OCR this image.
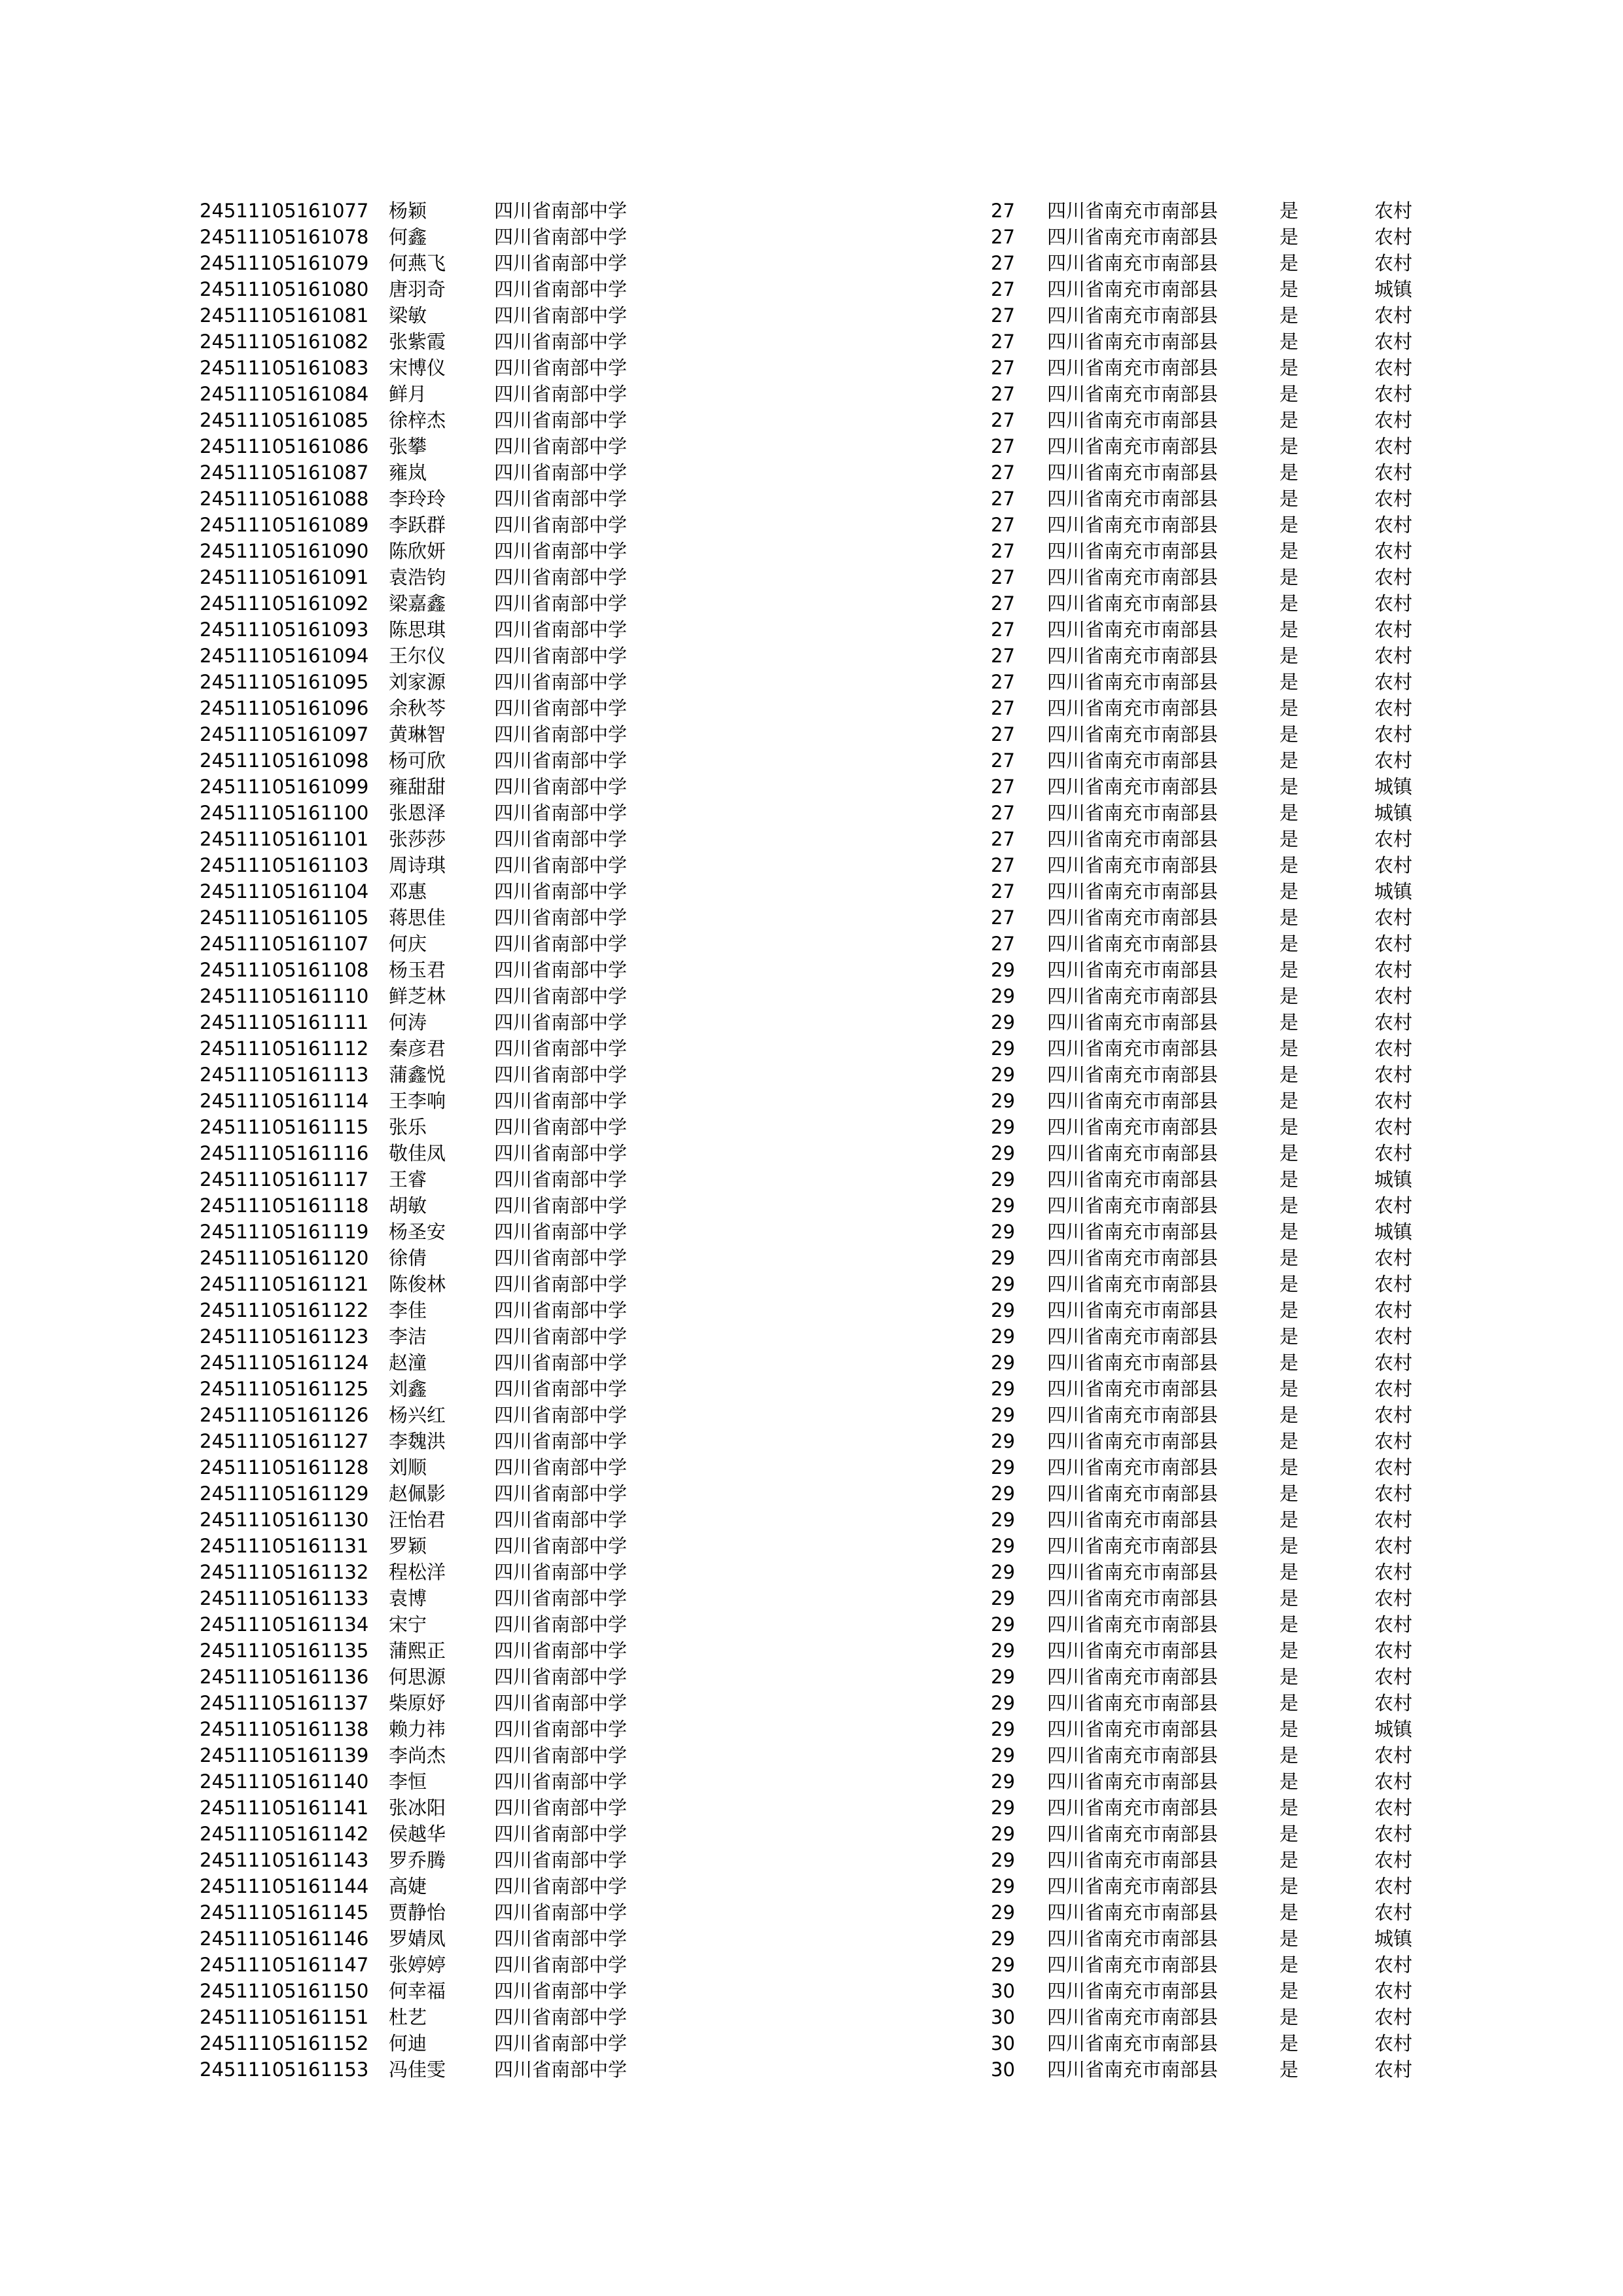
24511105161077 杨颖	四川省南部中学	27 四川省南充市南部县	是	农村
24511105161078 何鑫	四川省南部中学	27 四川省南充市南部县	是	农村
24511105161079 何燕飞	四川省南部中学	27 四川省南充市南部县	是	农村
24511105161080 唐羽奇	四川省南部中学	27 四川省南充市南部县	是	城镇
24511105161081 梁敏	四川省南部中学	27 四川省南充市南部县	是	农村
24511105161082 张紫霞	四川省南部中学	27 四川省南充市南部县	是	农村
24511105161083 宋博仪	四川省南部中学	27 四川省南充市南部县	是	农村
24511105161084 鲜月	四川省南部中学	27 四川省南充市南部县	是	农村
24511105161085 徐梓杰	四川省南部中学	27 四川省南充市南部县	是	农村
24511105161086 张攀	四川省南部中学	27 四川省南充市南部县	是	农村
24511105161087 雍岚	四川省南部中学	27 四川省南充市南部县	是	农村
24511105161088 李玲玲	四川省南部中学	27 四川省南充市南部县	是	农村
24511105161089 李跃群	四川省南部中学	27 四川省南充市南部县	是	农村
24511105161090 陈欣妍	四川省南部中学	27 四川省南充市南部县	是	农村
24511105161091 袁浩钧	四川省南部中学	27 四川省南充市南部县	是	农村
24511105161092 梁嘉鑫	四川省南部中学	27 四川省南充市南部县	是	农村
24511105161093 陈思琪	四川省南部中学	27 四川省南充市南部县	是	农村
24511105161094 王尔仪	四川省南部中学	27 四川省南充市南部县	是	农村
24511105161095 刘家源	四川省南部中学	27 四川省南充市南部县	是	农村
24511105161096 余秋芩	四川省南部中学	27 四川省南充市南部县	是	农村
24511105161097 黄琳智	四川省南部中学	27 四川省南充市南部县	是	农村
24511105161098 杨可欣	四川省南部中学	27 四川省南充市南部县	是	农村
24511105161099 雍甜甜	四川省南部中学	27 四川省南充市南部县	是	城镇
24511105161100 张恩泽	四川省南部中学	27 四川省南充市南部县	是	城镇
24511105161101 张莎莎	四川省南部中学	27 四川省南充市南部县	是	农村
24511105161103 周诗琪	四川省南部中学	27 四川省南充市南部县	是	农村
24511105161104 邓惠	四川省南部中学	27 四川省南充市南部县	是	城镇
24511105161105 蒋思佳	四川省南部中学	27 四川省南充市南部县	是	农村
24511105161107 何庆	四川省南部中学	27 四川省南充市南部县	是	农村
24511105161108 杨玉君	四川省南部中学	29 四川省南充市南部县	是	农村
24511105161110 鲜芝林	四川省南部中学	29 四川省南充市南部县	是	农村
24511105161111 何涛	四川省南部中学	29 四川省南充市南部县	是	农村
24511105161112 秦彦君	四川省南部中学	29 四川省南充市南部县	是	农村
24511105161113 蒲鑫悦	四川省南部中学	29 四川省南充市南部县	是	农村
24511105161114 王李响	四川省南部中学	29 四川省南充市南部县	是	农村
24511105161115 张乐	四川省南部中学	29 四川省南充市南部县	是	农村
24511105161116 敬佳凤	四川省南部中学	29 四川省南充市南部县	是	农村
24511105161117 王睿	四川省南部中学	29 四川省南充市南部县	是	城镇
24511105161118 胡敏	四川省南部中学	29 四川省南充市南部县	是	农村
24511105161119 杨圣安	四川省南部中学	29 四川省南充市南部县	是	城镇
24511105161120 徐倩	四川省南部中学	29 四川省南充市南部县	是	农村
24511105161121 陈俊林	四川省南部中学	29 四川省南充市南部县	是	农村
24511105161122 李佳	四川省南部中学	29 四川省南充市南部县	是	农村
24511105161123 李洁	四川省南部中学	29 四川省南充市南部县	是	农村
24511105161124 赵潼	四川省南部中学	29 四川省南充市南部县	是	农村
24511105161125 刘鑫	四川省南部中学	29 四川省南充市南部县	是	农村
24511105161126 杨兴红	四川省南部中学	29 四川省南充市南部县	是	农村
24511105161127 李魏洪	四川省南部中学	29 四川省南充市南部县	是	农村
24511105161128 刘顺	四川省南部中学	29 四川省南充市南部县	是	农村
24511105161129 赵佩影	四川省南部中学	29 四川省南充市南部县	是	农村
24511105161130 汪怡君	四川省南部中学	29 四川省南充市南部县	是	农村
24511105161131 罗颖	四川省南部中学	29 四川省南充市南部县	是	农村
24511105161132 程松洋	四川省南部中学	29 四川省南充市南部县	是	农村
24511105161133 袁博	四川省南部中学	29 四川省南充市南部县	是	农村
24511105161134 宋宁	四川省南部中学	29 四川省南充市南部县	是	农村
24511105161135 蒲熙正	四川省南部中学	29 四川省南充市南部县	是	农村
24511105161136 何思源	四川省南部中学	29 四川省南充市南部县	是	农村
24511105161137 柴原妤	四川省南部中学	29 四川省南充市南部县	是	农村
24511105161138 赖力祎	四川省南部中学	29 四川省南充市南部县	是	城镇
24511105161139 李尚杰	四川省南部中学	29 四川省南充市南部县	是	农村
24511105161140 李恒	四川省南部中学	29 四川省南充市南部县	是	农村
24511105161141 张冰阳	四川省南部中学	29 四川省南充市南部县	是	农村
24511105161142 侯越华	四川省南部中学	29 四川省南充市南部县	是	农村
24511105161143 罗乔腾	四川省南部中学	29 四川省南充市南部县	是	农村
24511105161144 高婕	四川省南部中学	29 四川省南充市南部县	是	农村
24511105161145 贾静怡	四川省南部中学	29 四川省南充市南部县	是	农村
24511105161146 罗婧凤	四川省南部中学	29 四川省南充市南部县	是	城镇
24511105161147 张婷婷	四川省南部中学	29 四川省南充市南部县	是	农村
24511105161150 何幸福	四川省南部中学	30 四川省南充市南部县	是	农村
24511105161151 杜艺	四川省南部中学	30 四川省南充市南部县	是	农村
24511105161152 何迪	四川省南部中学	30 四川省南充市南部县	是	农村
24511105161153 冯佳雯	四川省南部中学	30 四川省南充市南部县	是	农村
